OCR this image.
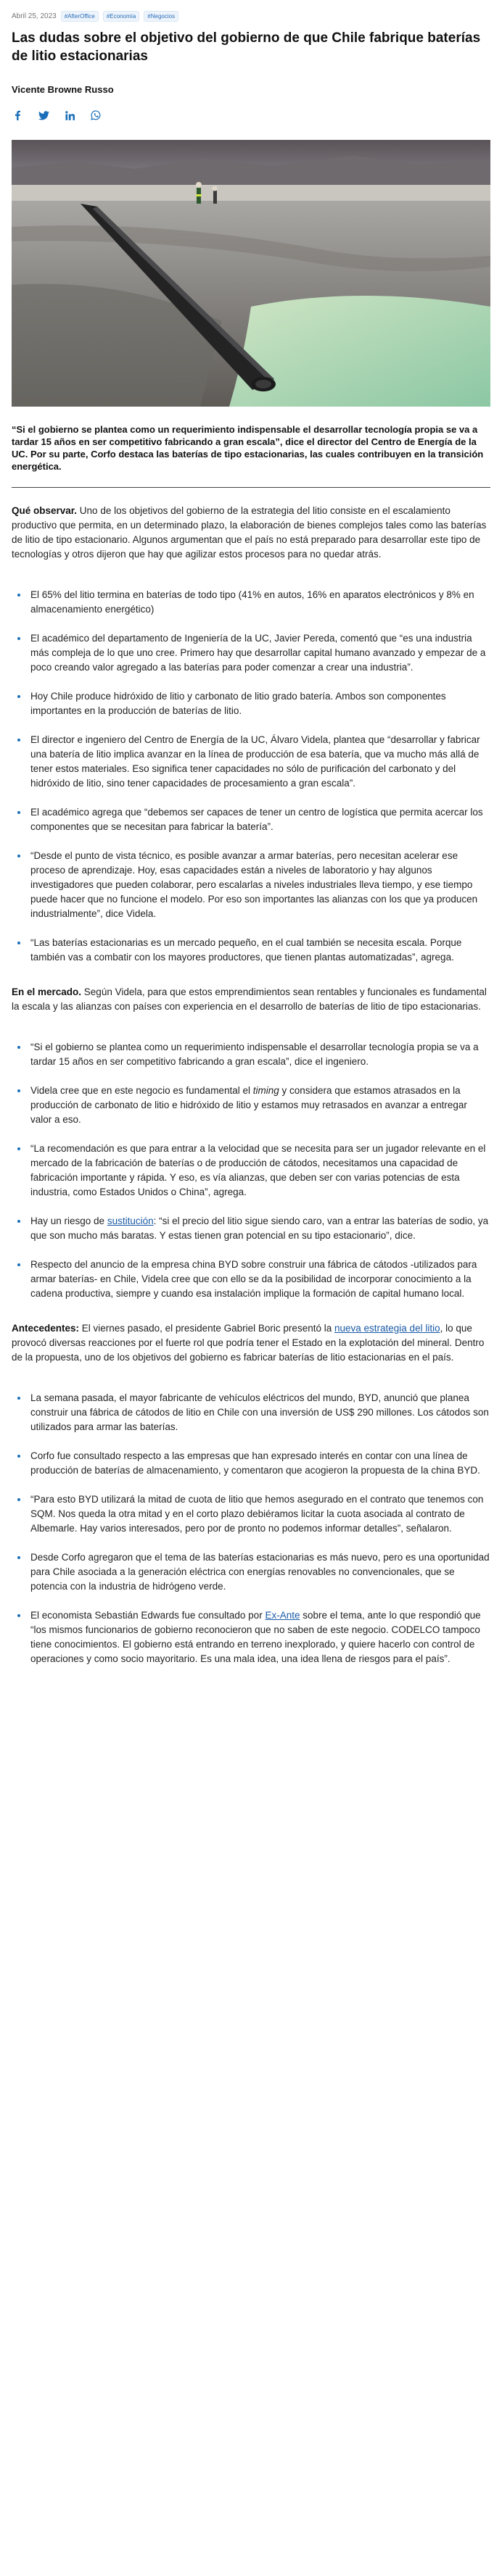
Abril 25, 2023	#AfterOffice	#Economía	#Negocios
Las dudas sobre el objetivo del gobierno de que Chile fabrique baterías de litio estacionarias
Vicente Browne Russo
“Si el gobierno se plantea como un requerimiento indispensable el desarrollar tecnología propia se va a tardar 15 años en ser competitivo fabricando a gran escala”, dice el director del Centro de Energía de la UC. Por su parte, Corfo destaca las baterías de tipo estacionarias, las cuales contribuyen en la transición energética.

Qué observar. Uno de los objetivos del gobierno de la estrategia del litio consiste en el escalamiento productivo que permita, en un determinado plazo, la elaboración de bienes complejos tales como las baterías de litio de tipo estacionario. Algunos argumentan que el país no está preparado para desarrollar este tipo de tecnologías y otros dijeron que hay que agilizar estos procesos para no quedar atrás.

El 65% del litio termina en baterías de todo tipo (41% en autos, 16% en aparatos electrónicos y 8% en almacenamiento energético)
El académico del departamento de Ingeniería de la UC, Javier Pereda, comentó que “es una industria más compleja de lo que uno cree. Primero hay que desarrollar capital humano avanzado y empezar de a poco creando valor agregado a las baterías para poder comenzar a crear una industria”.
Hoy Chile produce hidróxido de litio y carbonato de litio grado batería. Ambos son componentes importantes en la producción de baterías de litio.
El director e ingeniero del Centro de Energía de la UC, Álvaro Videla, plantea que “desarrollar y fabricar una batería de litio implica avanzar en la línea de producción de esa batería, que va mucho más allá de tener estos materiales. Eso significa tener capacidades no sólo de purificación del carbonato y del hidróxido de litio, sino tener capacidades de procesamiento a gran escala”.
El académico agrega que “debemos ser capaces de tener un centro de logística que permita acercar los componentes que se necesitan para fabricar la batería”.
“Desde el punto de vista técnico, es posible avanzar a armar baterías, pero necesitan acelerar ese proceso de aprendizaje. Hoy, esas capacidades están a niveles de laboratorio y hay algunos investigadores que pueden colaborar, pero escalarlas a niveles industriales lleva tiempo, y ese tiempo puede hacer que no funcione el modelo. Por eso son importantes las alianzas con los que ya producen industrialmente”, dice Videla.
“Las baterías estacionarias es un mercado pequeño, en el cual también se necesita escala. Porque también vas a combatir con los mayores productores, que tienen plantas automatizadas”, agrega.

En el mercado. Según Videla, para que estos emprendimientos sean rentables y funcionales es fundamental la escala y las alianzas con países con experiencia en el desarrollo de baterías de litio de tipo estacionarias.

“Si el gobierno se plantea como un requerimiento indispensable el desarrollar tecnología propia se va a tardar 15 años en ser competitivo fabricando a gran escala”, dice el ingeniero.
Videla cree que en este negocio es fundamental el timing y considera que estamos atrasados en la producción de carbonato de litio e hidróxido de litio y estamos muy retrasados en avanzar a entregar valor a eso.
“La recomendación es que para entrar a la velocidad que se necesita para ser un jugador relevante en el mercado de la fabricación de baterías o de producción de cátodos, necesitamos una capacidad de fabricación importante y rápida. Y eso, es vía alianzas, que deben ser con varias potencias de esta industria, como Estados Unidos o China”, agrega.
Hay un riesgo de sustitución: “si el precio del litio sigue siendo caro, van a entrar las baterías de sodio, ya que son mucho más baratas. Y estas tienen gran potencial en su tipo estacionario”, dice.
Respecto del anuncio de la empresa china BYD sobre construir una fábrica de cátodos -utilizados para armar baterías- en Chile, Videla cree que con ello se da la posibilidad de incorporar conocimiento a la cadena productiva, siempre y cuando esa instalación implique la formación de capital humano local.

Antecedentes: El viernes pasado, el presidente Gabriel Boric presentó la nueva estrategia del litio, lo que provocó diversas reacciones por el fuerte rol que podría tener el Estado en la explotación del mineral. Dentro de la propuesta, uno de los objetivos del gobierno es fabricar baterías de litio estacionarias en el país.

La semana pasada, el mayor fabricante de vehículos eléctricos del mundo, BYD, anunció que planea construir una fábrica de cátodos de litio en Chile con una inversión de US$ 290 millones. Los cátodos son utilizados para armar las baterías.
Corfo fue consultado respecto a las empresas que han expresado interés en contar con una línea de producción de baterías de almacenamiento, y comentaron que acogieron la propuesta de la china BYD.
“Para esto BYD utilizará la mitad de cuota de litio que hemos asegurado en el contrato que tenemos con SQM. Nos queda la otra mitad y en el corto plazo debiéramos licitar la cuota asociada al contrato de Albemarle. Hay varios interesados, pero por de pronto no podemos informar detalles”, señalaron.
Desde Corfo agregaron que el tema de las baterías estacionarias es más nuevo, pero es una oportunidad para Chile asociada a la generación eléctrica con energías renovables no convencionales, que se potencia con la industria de hidrógeno verde.
El economista Sebastián Edwards fue consultado por Ex-Ante sobre el tema, ante lo que respondió que “los mismos funcionarios de gobierno reconocieron que no saben de este negocio. CODELCO tampoco tiene conocimientos. El gobierno está entrando en terreno inexplorado, y quiere hacerlo con control de operaciones y como socio mayoritario. Es una mala idea, una idea llena de riesgos para el país”.
